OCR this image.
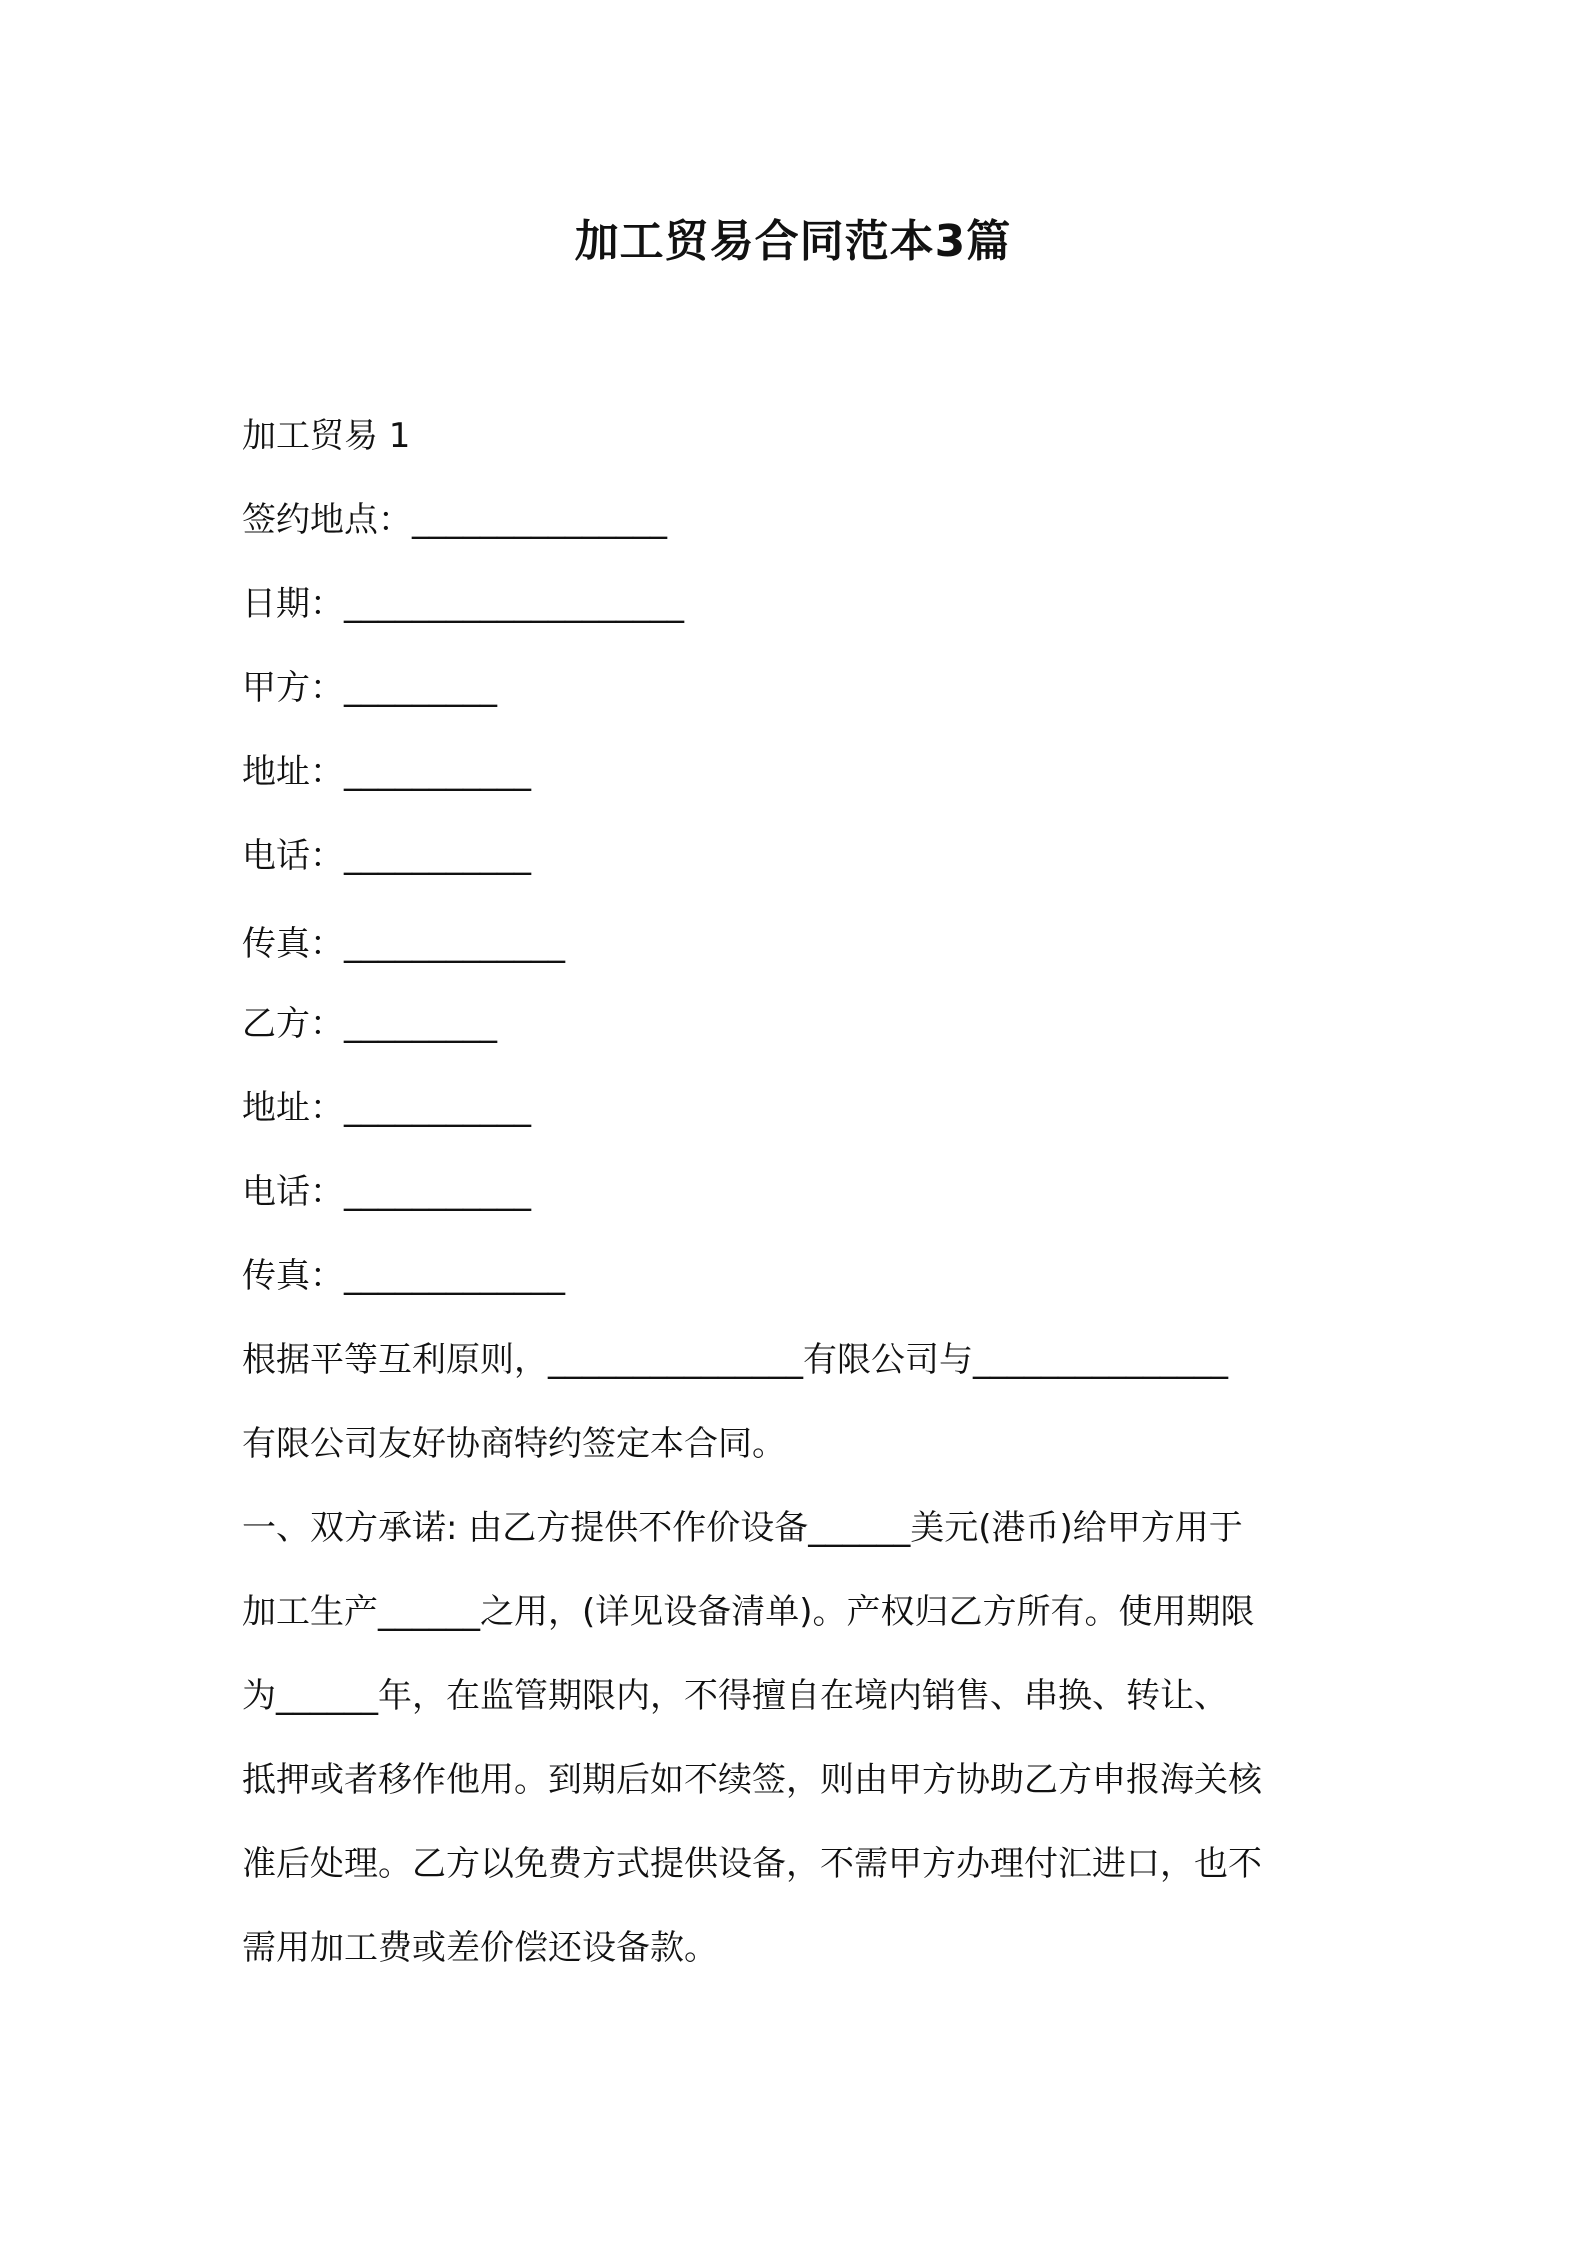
加工贸易合同范本3篇
加工贸易 1
签约地点：_______________
日期：____________________
甲方：_________
地址：___________
电话：___________
传真：_____________
乙方：_________
地址：___________
电话：___________
传真：_____________
根据平等互利原则，_______________有限公司与_______________
有限公司友好协商特约签定本合同。
一、双方承诺: 由乙方提供不作价设备______美元(港币)给甲方用于
加工生产______之用，(详见设备清单)。产权归乙方所有。使用期限
为______年，在监管期限内，不得擅自在境内销售、串换、转让、
抵押或者移作他用。到期后如不续签，则由甲方协助乙方申报海关核
准后处理。乙方以免费方式提供设备，不需甲方办理付汇进口，也不
需用加工费或差价偿还设备款。
